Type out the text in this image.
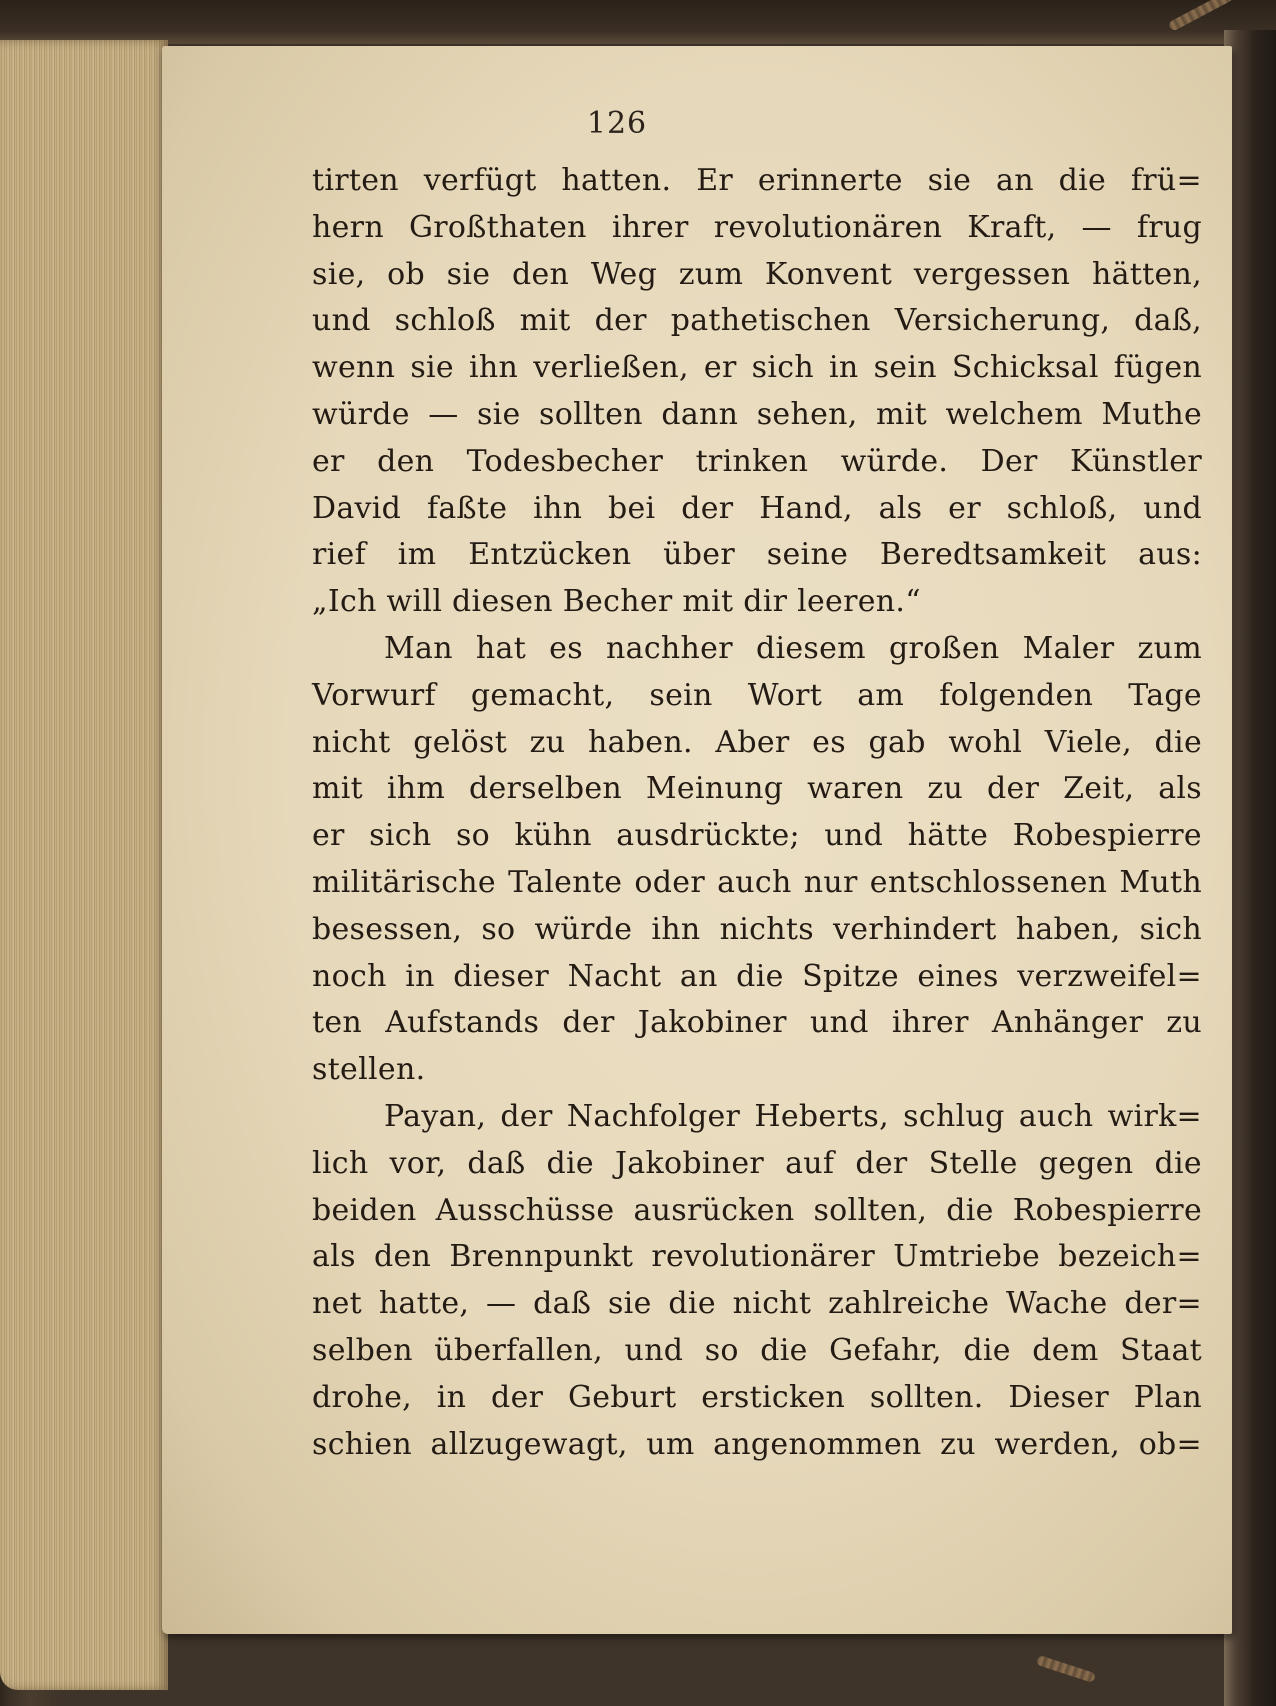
126

tirten verfügt hatten. Er erinnerte sie an die frü=
hern Großthaten ihrer revolutionären Kraft, — frug
sie, ob sie den Weg zum Konvent vergessen hätten,
und schloß mit der pathetischen Versicherung, daß,
wenn sie ihn verließen, er sich in sein Schicksal fügen
würde — sie sollten dann sehen, mit welchem Muthe
er den Todesbecher trinken würde. Der Künstler
David faßte ihn bei der Hand, als er schloß, und
rief im Entzücken über seine Beredtsamkeit aus:
„Ich will diesen Becher mit dir leeren.“
Man hat es nachher diesem großen Maler zum
Vorwurf gemacht, sein Wort am folgenden Tage
nicht gelöst zu haben. Aber es gab wohl Viele, die
mit ihm derselben Meinung waren zu der Zeit, als
er sich so kühn ausdrückte; und hätte Robespierre
militärische Talente oder auch nur entschlossenen Muth
besessen, so würde ihn nichts verhindert haben, sich
noch in dieser Nacht an die Spitze eines verzweifel=
ten Aufstands der Jakobiner und ihrer Anhänger zu
stellen.
Payan, der Nachfolger Heberts, schlug auch wirk=
lich vor, daß die Jakobiner auf der Stelle gegen die
beiden Ausschüsse ausrücken sollten, die Robespierre
als den Brennpunkt revolutionärer Umtriebe bezeich=
net hatte, — daß sie die nicht zahlreiche Wache der=
selben überfallen, und so die Gefahr, die dem Staat
drohe, in der Geburt ersticken sollten. Dieser Plan
schien allzugewagt, um angenommen zu werden, ob=
